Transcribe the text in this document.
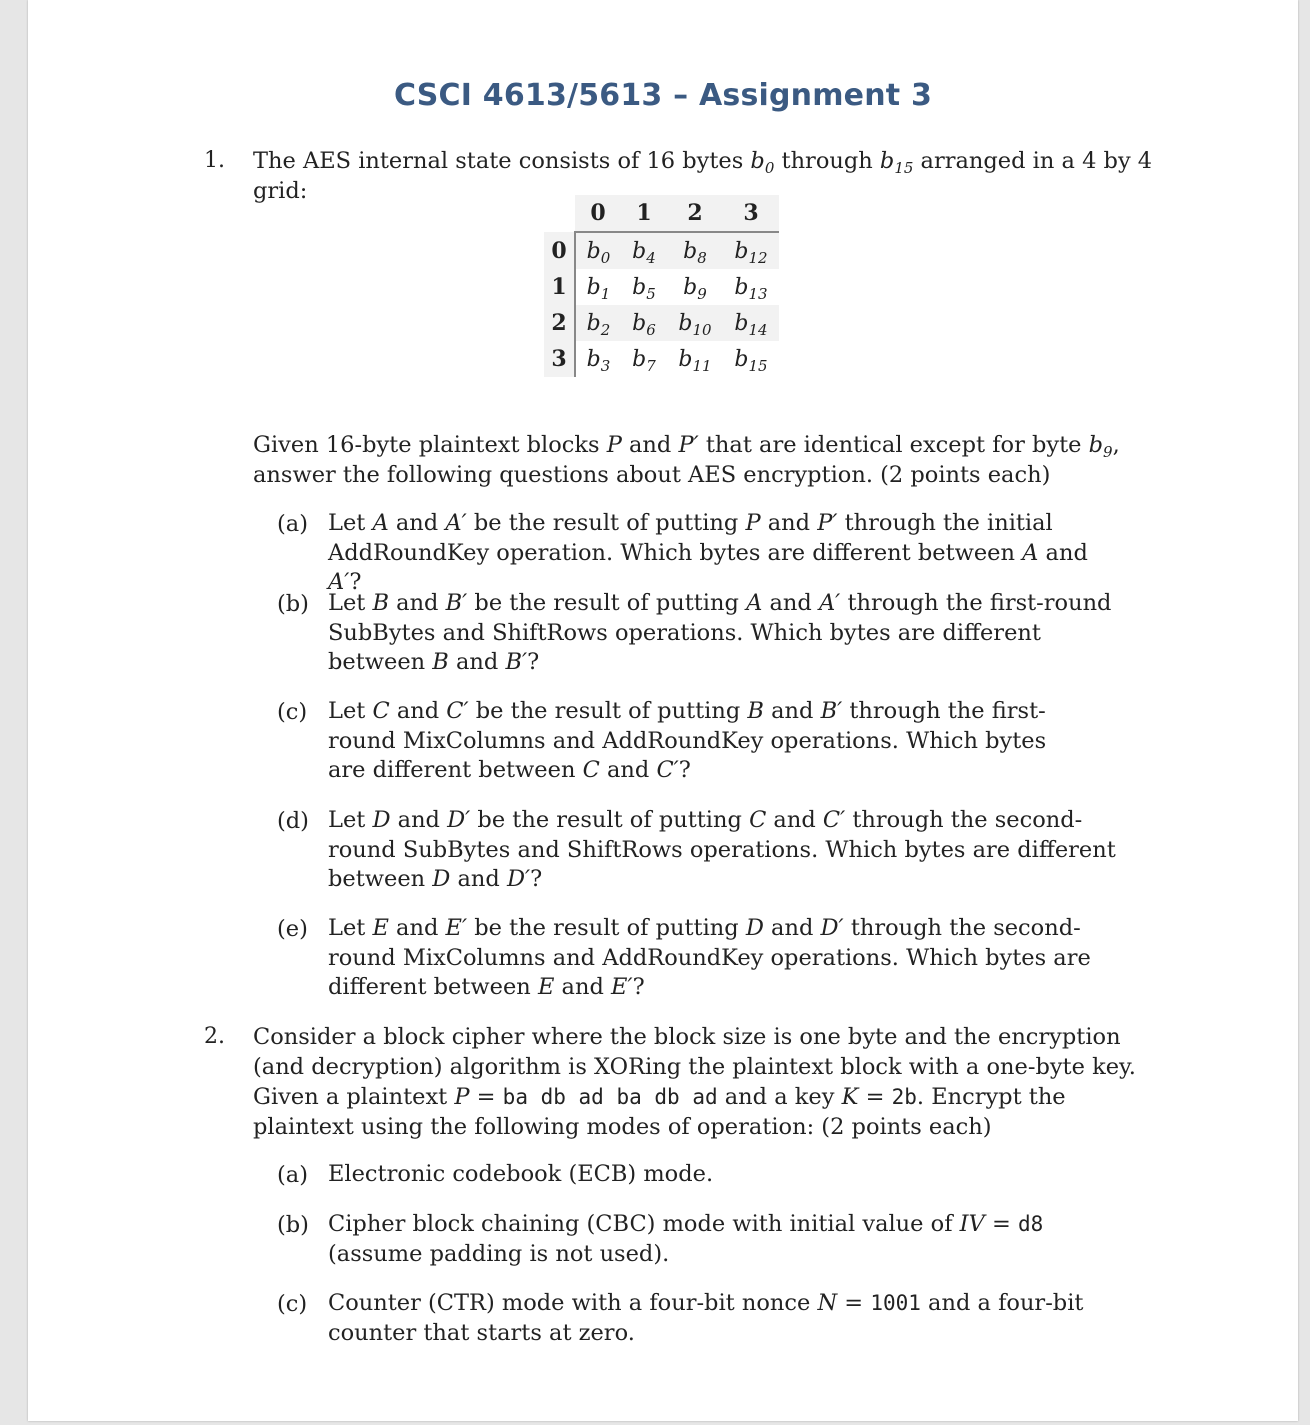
CSCI 4613/5613 – Assignment 3
1. The AES internal state consists of 16 bytes $b_0$ through $b_{15}$ arranged in a 4 by 4 grid:
	0	1	2	3
0	$b_0$	$b_4$	$b_8$	$b_{12}$
1	$b_1$	$b_5$	$b_9$	$b_{13}$
2	$b_2$	$b_6$	$b_{10}$	$b_{14}$
3	$b_3$	$b_7$	$b_{11}$	$b_{15}$
Given 16-byte plaintext blocks P and P′ that are identical except for byte $b_9$, answer the following questions about AES encryption. (2 points each)
(a) Let A and A′ be the result of putting P and P′ through the initial AddRoundKey operation. Which bytes are different between A and A′?
(b) Let B and B′ be the result of putting A and A′ through the first-round SubBytes and ShiftRows operations. Which bytes are different between B and B′?
(c) Let C and C′ be the result of putting B and B′ through the first-round MixColumns and AddRoundKey operations. Which bytes are different between C and C′?
(d) Let D and D′ be the result of putting C and C′ through the second-round SubBytes and ShiftRows operations. Which bytes are different between D and D′?
(e) Let E and E′ be the result of putting D and D′ through the second-round MixColumns and AddRoundKey operations. Which bytes are different between E and E′?
2. Consider a block cipher where the block size is one byte and the encryption (and decryption) algorithm is XORing the plaintext block with a one-byte key. Given a plaintext P = ba db ad ba db ad and a key K = 2b. Encrypt the plaintext using the following modes of operation: (2 points each)
(a) Electronic codebook (ECB) mode.
(b) Cipher block chaining (CBC) mode with initial value of IV = d8 (assume padding is not used).
(c) Counter (CTR) mode with a four-bit nonce N = 1001 and a four-bit counter that starts at zero.
